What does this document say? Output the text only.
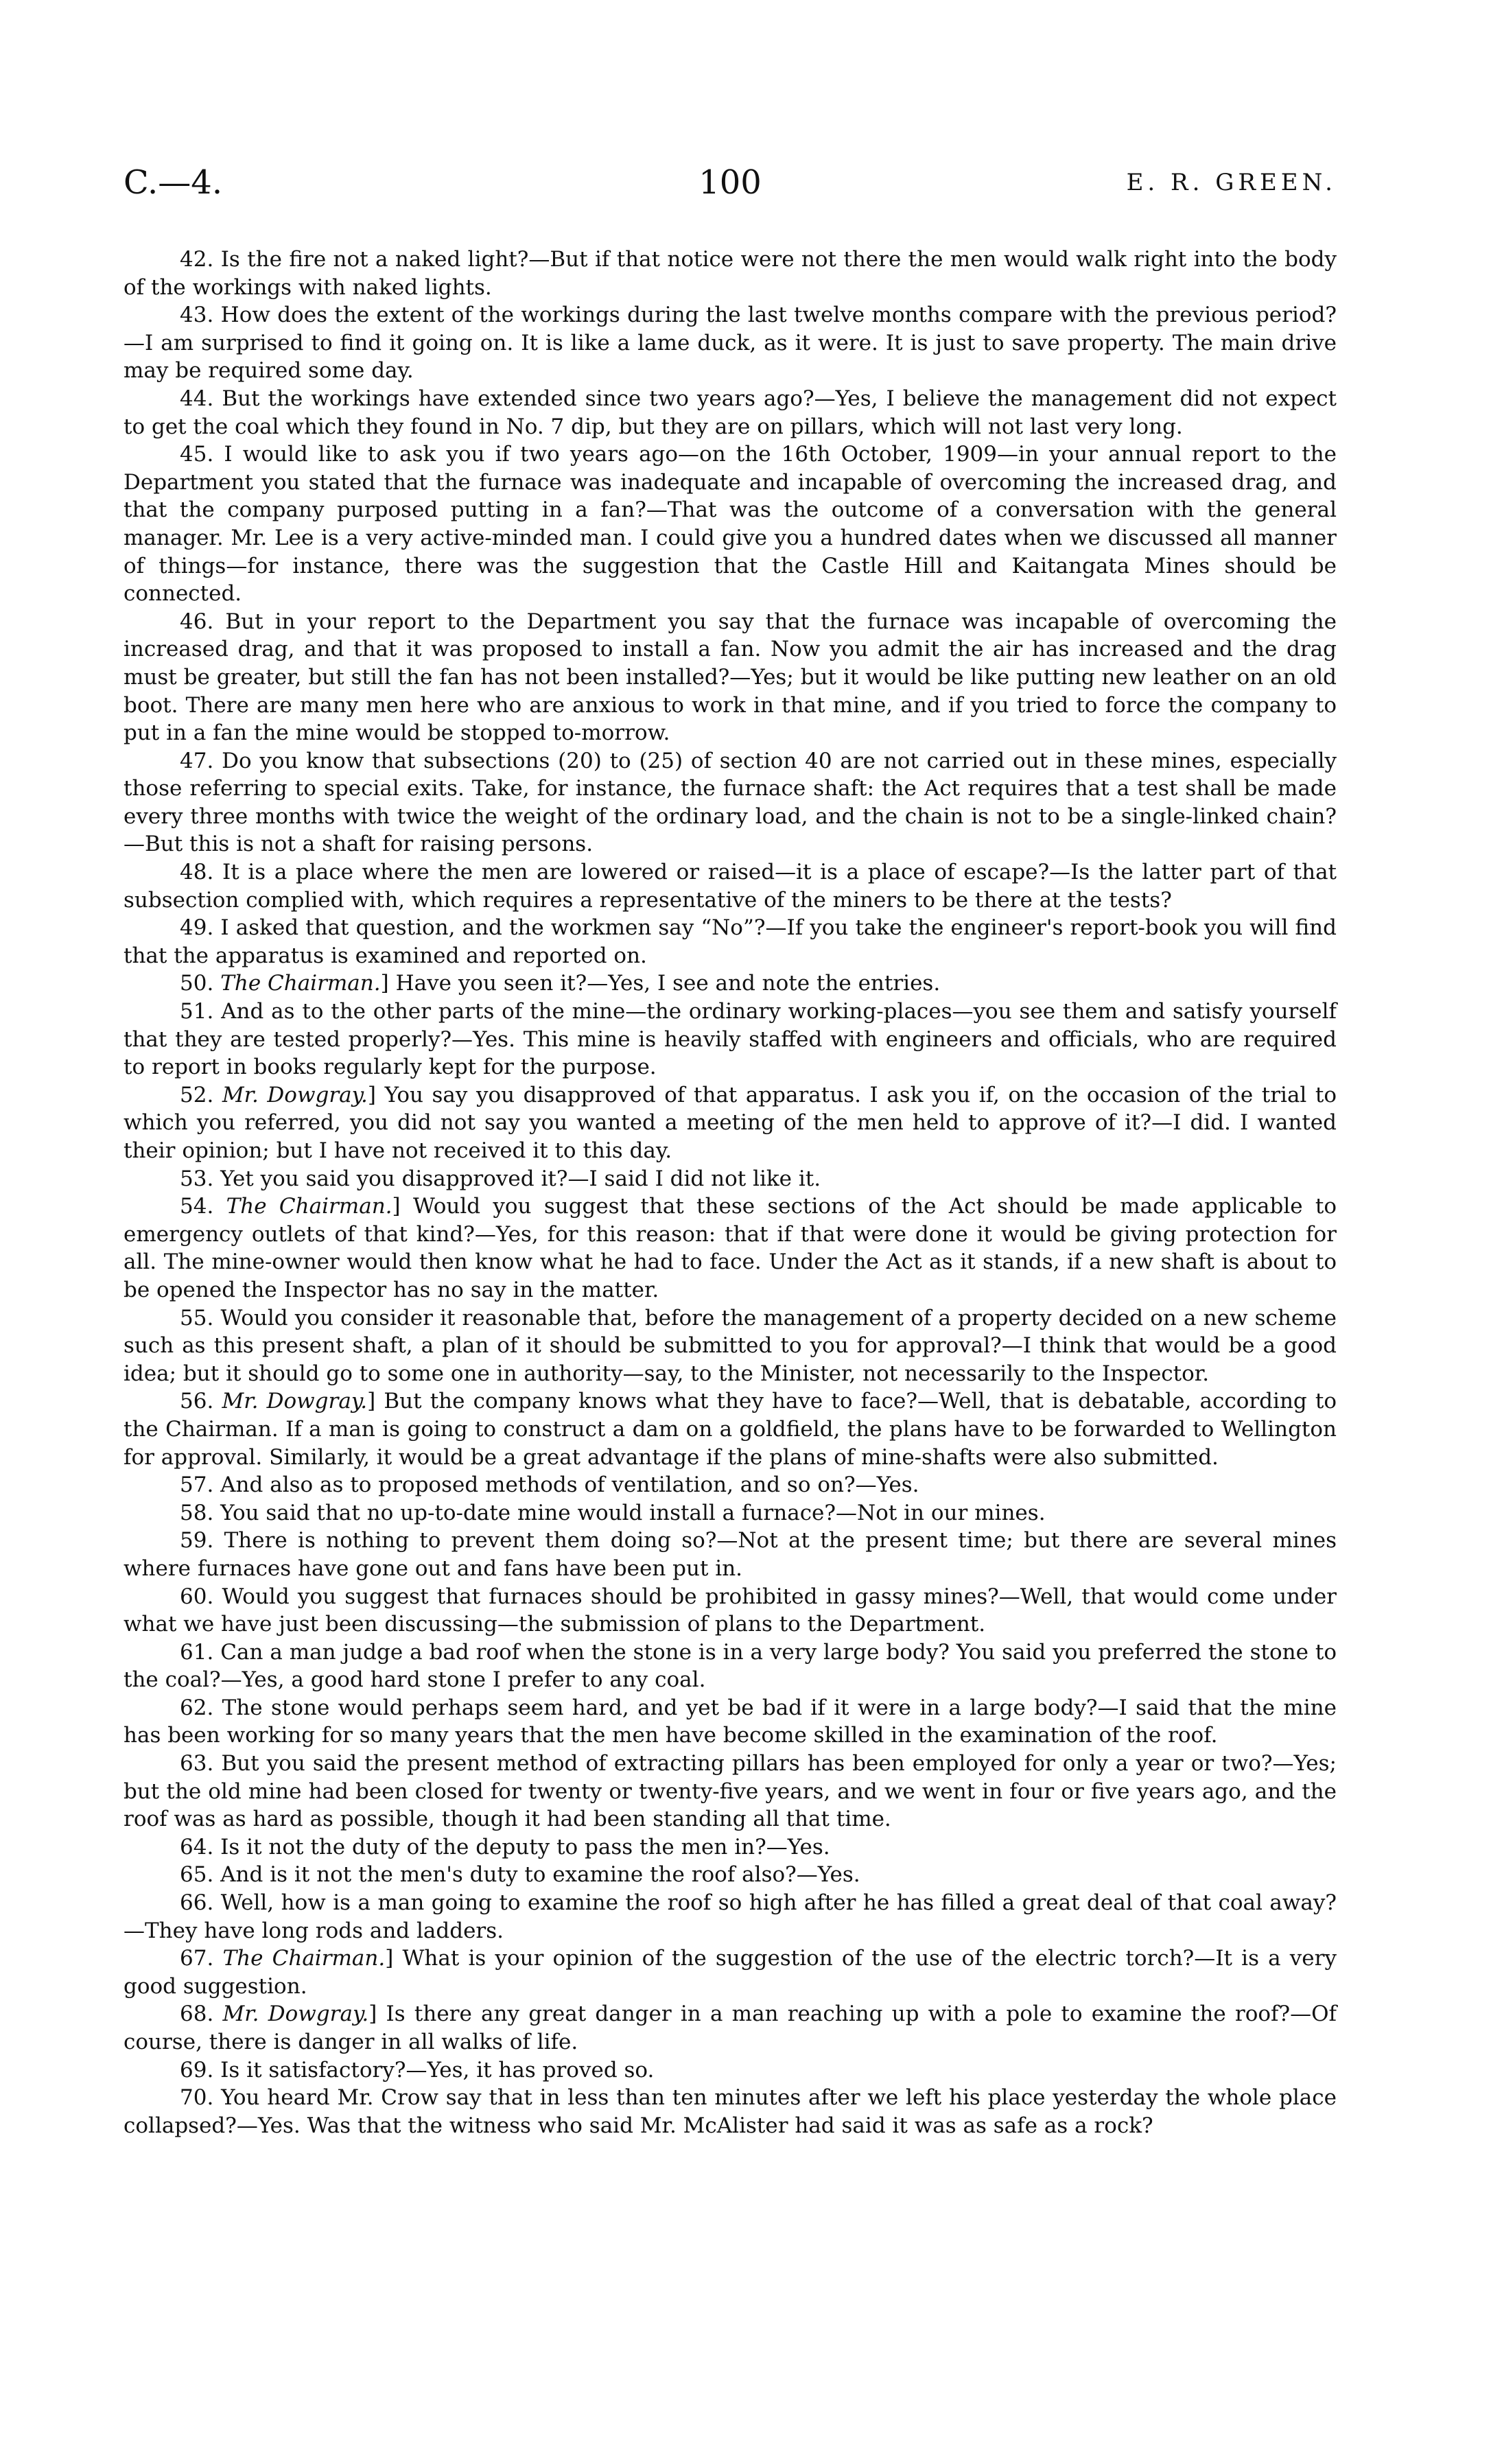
C.—4.	100	E. R. GREEN.

42. Is the fire not a naked light?—But if that notice were not there the men would walk right into the body of the workings with naked lights.

43. How does the extent of the workings during the last twelve months compare with the previous period?—I am surprised to find it going on. It is like a lame duck, as it were. It is just to save property. The main drive may be required some day.

44. But the workings have extended since two years ago?—Yes, I believe the management did not expect to get the coal which they found in No. 7 dip, but they are on pillars, which will not last very long.

45. I would like to ask you if two years ago—on the 16th October, 1909—in your annual report to the Department you stated that the furnace was inadequate and incapable of overcoming the increased drag, and that the company purposed putting in a fan?—That was the outcome of a conversation with the general manager. Mr. Lee is a very active-minded man. I could give you a hundred dates when we discussed all manner of things—for instance, there was the suggestion that the Castle Hill and Kaitangata Mines should be connected.

46. But in your report to the Department you say that the furnace was incapable of overcoming the increased drag, and that it was proposed to install a fan. Now you admit the air has increased and the drag must be greater, but still the fan has not been installed?—Yes; but it would be like putting new leather on an old boot. There are many men here who are anxious to work in that mine, and if you tried to force the company to put in a fan the mine would be stopped to-morrow.

47. Do you know that subsections (20) to (25) of section 40 are not carried out in these mines, especially those referring to special exits. Take, for instance, the furnace shaft: the Act requires that a test shall be made every three months with twice the weight of the ordinary load, and the chain is not to be a single-linked chain?—But this is not a shaft for raising persons.

48. It is a place where the men are lowered or raised—it is a place of escape?—Is the latter part of that subsection complied with, which requires a representative of the miners to be there at the tests?

49. I asked that question, and the workmen say “No”?—If you take the engineer's report-book you will find that the apparatus is examined and reported on.

50. The Chairman.] Have you seen it?—Yes, I see and note the entries.

51. And as to the other parts of the mine—the ordinary working-places—you see them and satisfy yourself that they are tested properly?—Yes. This mine is heavily staffed with engineers and officials, who are required to report in books regularly kept for the purpose.

52. Mr. Dowgray.] You say you disapproved of that apparatus. I ask you if, on the occasion of the trial to which you referred, you did not say you wanted a meeting of the men held to approve of it?—I did. I wanted their opinion; but I have not received it to this day.

53. Yet you said you disapproved it?—I said I did not like it.

54. The Chairman.] Would you suggest that these sections of the Act should be made applicable to emergency outlets of that kind?—Yes, for this reason: that if that were done it would be giving protection for all. The mine-owner would then know what he had to face. Under the Act as it stands, if a new shaft is about to be opened the Inspector has no say in the matter.

55. Would you consider it reasonable that, before the management of a property decided on a new scheme such as this present shaft, a plan of it should be submitted to you for approval?—I think that would be a good idea; but it should go to some one in authority—say, to the Minister, not necessarily to the Inspector.

56. Mr. Dowgray.] But the company knows what they have to face?—Well, that is debatable, according to the Chairman. If a man is going to construct a dam on a goldfield, the plans have to be forwarded to Wellington for approval. Similarly, it would be a great advantage if the plans of mine-shafts were also submitted.

57. And also as to proposed methods of ventilation, and so on?—Yes.

58. You said that no up-to-date mine would install a furnace?—Not in our mines.

59. There is nothing to prevent them doing so?—Not at the present time; but there are several mines where furnaces have gone out and fans have been put in.

60. Would you suggest that furnaces should be prohibited in gassy mines?—Well, that would come under what we have just been discussing—the submission of plans to the Department.

61. Can a man judge a bad roof when the stone is in a very large body? You said you preferred the stone to the coal?—Yes, a good hard stone I prefer to any coal.

62. The stone would perhaps seem hard, and yet be bad if it were in a large body?—I said that the mine has been working for so many years that the men have become skilled in the examination of the roof.

63. But you said the present method of extracting pillars has been employed for only a year or two?—Yes; but the old mine had been closed for twenty or twenty-five years, and we went in four or five years ago, and the roof was as hard as possible, though it had been standing all that time.

64. Is it not the duty of the deputy to pass the men in?—Yes.

65. And is it not the men's duty to examine the roof also?—Yes.

66. Well, how is a man going to examine the roof so high after he has filled a great deal of that coal away?—They have long rods and ladders.

67. The Chairman.] What is your opinion of the suggestion of the use of the electric torch?—It is a very good suggestion.

68. Mr. Dowgray.] Is there any great danger in a man reaching up with a pole to examine the roof?—Of course, there is danger in all walks of life.

69. Is it satisfactory?—Yes, it has proved so.

70. You heard Mr. Crow say that in less than ten minutes after we left his place yesterday the whole place collapsed?—Yes. Was that the witness who said Mr. McAlister had said it was as safe as a rock?
